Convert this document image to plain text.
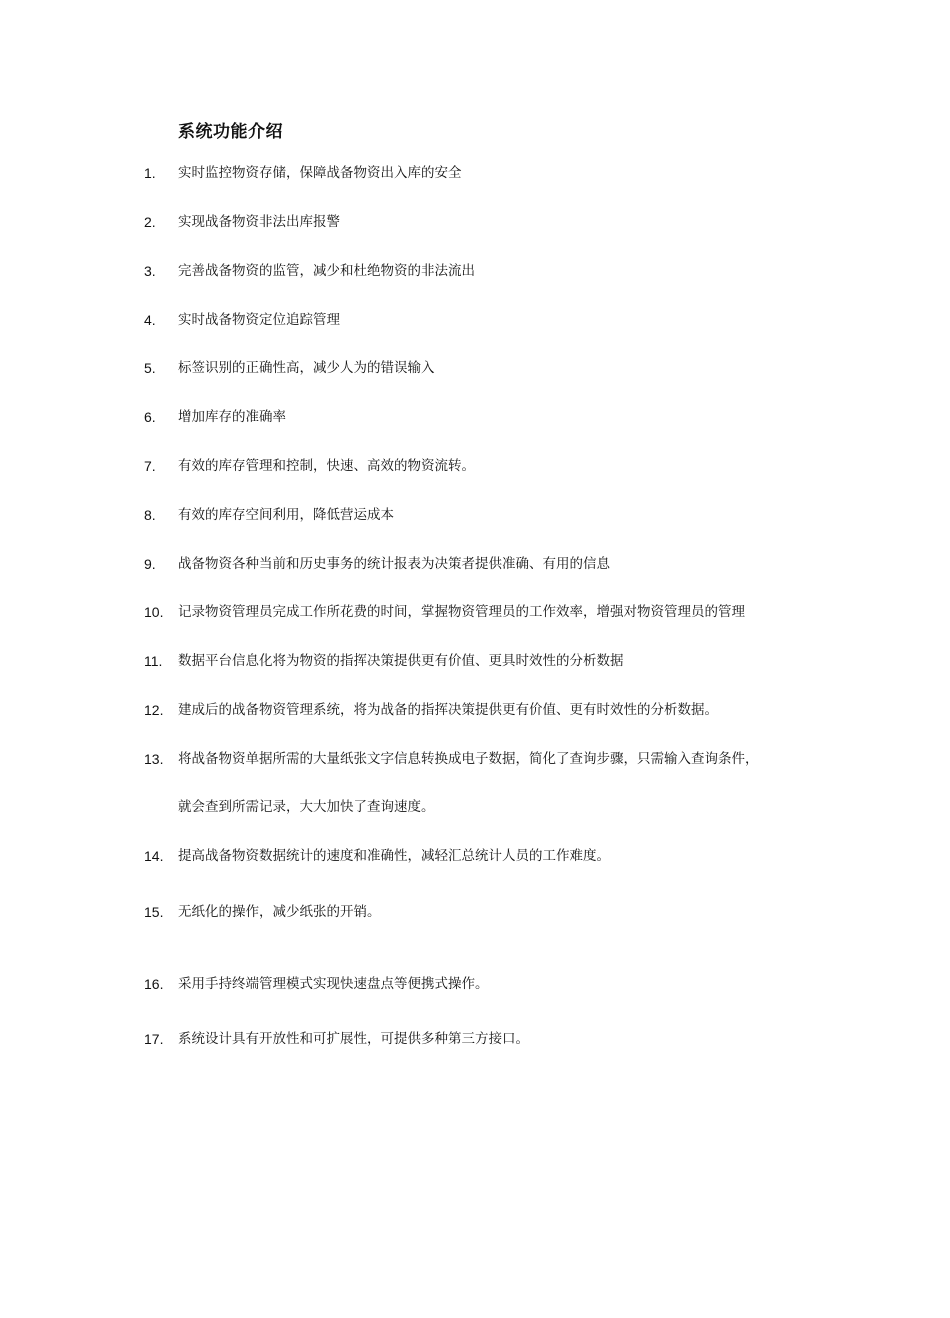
系统功能介绍
1.	实时监控物资存储，保障战备物资出入库的安全
2.	实现战备物资非法出库报警
3.	完善战备物资的监管，减少和杜绝物资的非法流出
4.	实时战备物资定位追踪管理
5.	标签识别的正确性高，减少人为的错误输入
6.	增加库存的准确率
7.	有效的库存管理和控制，快速、高效的物资流转。
8.	有效的库存空间利用，降低营运成本
9.	战备物资各种当前和历史事务的统计报表为决策者提供准确、有用的信息
10.	记录物资管理员完成工作所花费的时间，掌握物资管理员的工作效率，增强对物资管理员的管理
11.	数据平台信息化将为物资的指挥决策提供更有价值、更具时效性的分析数据
12.	建成后的战备物资管理系统，将为战备的指挥决策提供更有价值、更有时效性的分析数据。
13.	将战备物资单据所需的大量纸张文字信息转换成电子数据，简化了查询步骤，只需输入查询条件，
就会查到所需记录，大大加快了查询速度。
14.	提高战备物资数据统计的速度和准确性，减轻汇总统计人员的工作难度。
15.	无纸化的操作，减少纸张的开销。
16.	采用手持终端管理模式实现快速盘点等便携式操作。
17.	系统设计具有开放性和可扩展性，可提供多种第三方接口。
